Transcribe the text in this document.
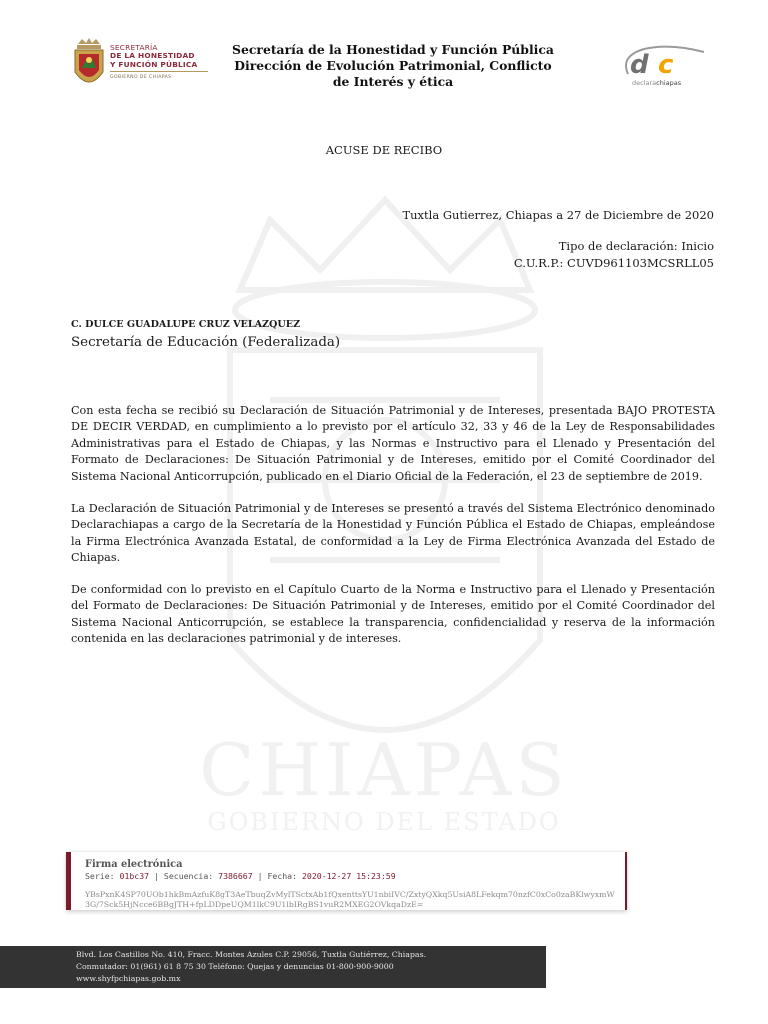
CHIAPAS
GOBIERNO DEL ESTADO
SECRETARÍA
DE LA HONESTIDAD
Y FUNCIÓN PÚBLICA
GOBIERNO DE CHIAPAS
Secretaría de la Honestidad y Función Pública
Dirección de Evolución Patrimonial, Conflicto
de Interés y ética
d c
declarachiapas
ACUSE DE RECIBO
Tuxtla Gutierrez, Chiapas a 27 de Diciembre de 2020
Tipo de declaración: Inicio
C.U.R.P.: CUVD961103MCSRLL05
C. DULCE GUADALUPE CRUZ VELAZQUEZ
Secretaría de Educación (Federalizada)

Con esta fecha se recibió su Declaración de Situación Patrimonial y de Intereses, presentada BAJO PROTESTA DE DECIR VERDAD, en cumplimiento a lo previsto por el artículo 32, 33 y 46 de la Ley de Responsabilidades Administrativas para el Estado de Chiapas, y las Normas e Instructivo para el Llenado y Presentación del Formato de Declaraciones: De Situación Patrimonial y de Intereses, emitido por el Comité Coordinador del Sistema Nacional Anticorrupción, publicado en el Diario Oficial de la Federación, el 23 de septiembre de 2019.

La Declaración de Situación Patrimonial y de Intereses se presentó a través del Sistema Electrónico denominado Declarachiapas a cargo de la Secretaría de la Honestidad y Función Pública el Estado de Chiapas, empleándose la Firma Electrónica Avanzada Estatal, de conformidad a la Ley de Firma Electrónica Avanzada del Estado de Chiapas.

De conformidad con lo previsto en el Capítulo Cuarto de la Norma e Instructivo para el Llenado y Presentación del Formato de Declaraciones: De Situación Patrimonial y de Intereses, emitido por el Comité Coordinador del Sistema Nacional Anticorrupción, se establece la transparencia, confidencialidad y reserva de la información contenida en las declaraciones patrimonial y de intereses.

Firma electrónica
Serie: 01bc37 | Secuencia: 7386667 | Fecha: 2020-12-27 15:23:59
YBsPxnK4SP70UOb1hkBmAzfuK8gT3AeTbuqZvMylTSctxAb1fQxenttsYU1nbiIVC/ZxtyQXkq5UsiA8LFekqm70nzfC0xCo0zaBKlwyxmW3G/7Sck5HjNcce6BBgJTH+fpLDDpeUQM1lkC9U1lbIRgBS1vuR2MXEG2OVkqaDzE=
Blvd. Los Castillos No. 410, Fracc. Montes Azules C.P. 29056, Tuxtla Gutiérrez, Chiapas.
Conmutador: 01(961) 61 8 75 30 Teléfono: Quejas y denuncias 01-800-900-9000
www.shyfpchiapas.gob.mx
